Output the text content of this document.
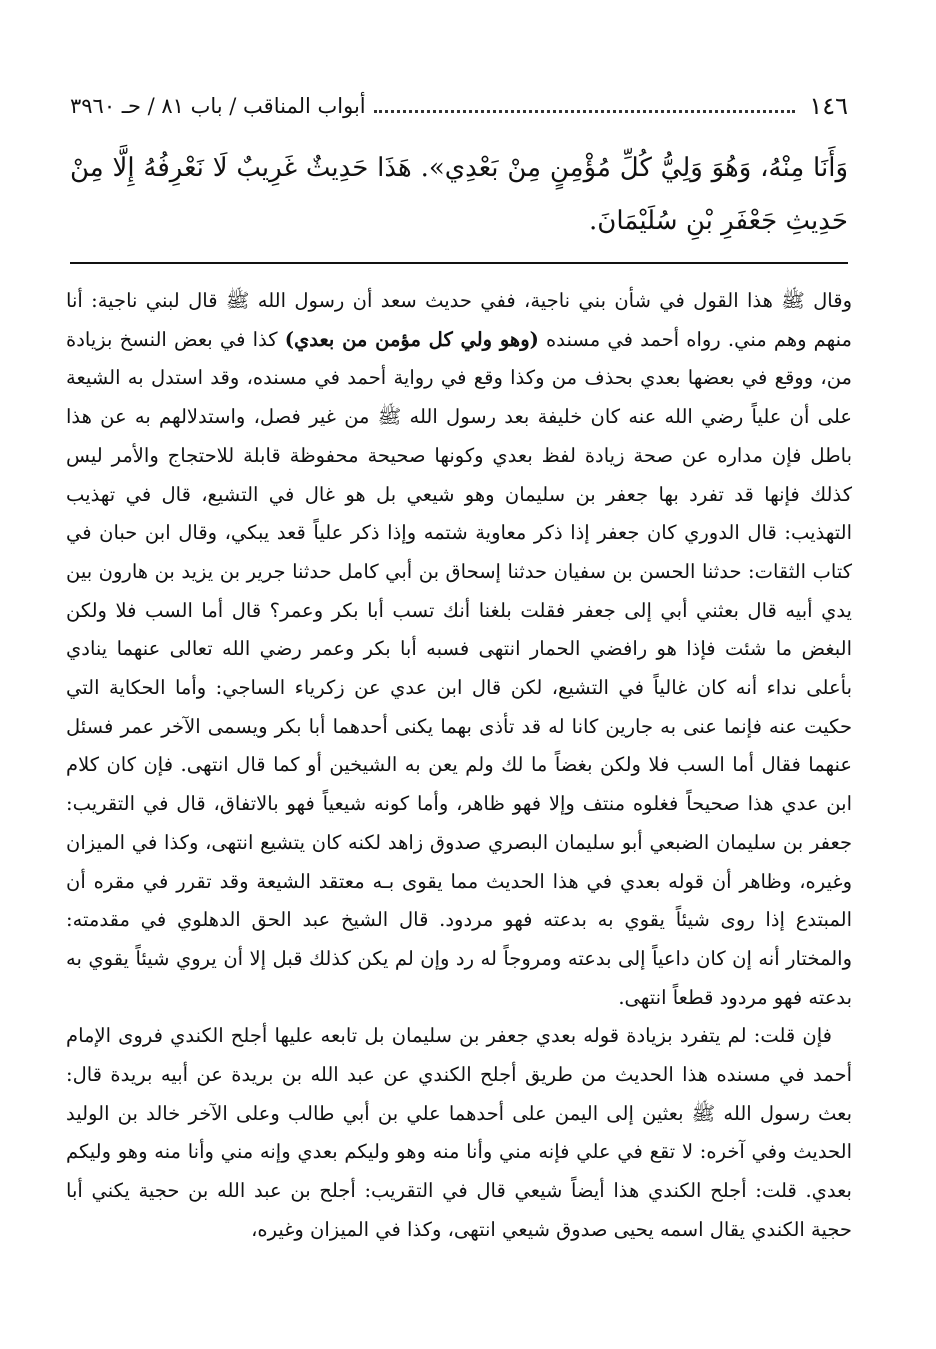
١٤٦
أبواب المناقب / باب ٨١ / حـ ٣٩٦٠
وَأَنَا مِنْهُ، وَهُوَ وَلِيُّ كُلِّ مُؤْمِنٍ مِنْ بَعْدِي». هَذَا حَدِيثٌ غَرِيبٌ لَا نَعْرِفُهُ إِلَّا مِنْ حَدِيثِ جَعْفَرِ بْنِ سُلَيْمَانَ.

وقال ﷺ هذا القول في شأن بني ناجية، ففي حديث سعد أن رسول الله ﷺ قال لبني ناجية: أنا منهم وهم مني. رواه أحمد في مسنده (وهو ولي كل مؤمن من بعدي) كذا في بعض النسخ بزيادة من، ووقع في بعضها بعدي بحذف من وكذا وقع في رواية أحمد في مسنده، وقد استدل به الشيعة على أن علياً رضي الله عنه كان خليفة بعد رسول الله ﷺ من غير فصل، واستدلالهم به عن هذا باطل فإن مداره عن صحة زيادة لفظ بعدي وكونها صحيحة محفوظة قابلة للاحتجاج والأمر ليس كذلك فإنها قد تفرد بها جعفر بن سليمان وهو شيعي بل هو غال في التشيع، قال في تهذيب التهذيب: قال الدوري كان جعفر إذا ذكر معاوية شتمه وإذا ذكر علياً قعد يبكي، وقال ابن حبان في كتاب الثقات: حدثنا الحسن بن سفيان حدثنا إسحاق بن أبي كامل حدثنا جرير بن يزيد بن هارون بين يدي أبيه قال بعثني أبي إلى جعفر فقلت بلغنا أنك تسب أبا بكر وعمر؟ قال أما السب فلا ولكن البغض ما شئت فإذا هو رافضي الحمار انتهى فسبه أبا بكر وعمر رضي الله تعالى عنهما ينادي بأعلى نداء أنه كان غالياً في التشيع، لكن قال ابن عدي عن زكرياء الساجي: وأما الحكاية التي حكيت عنه فإنما عنى به جارين كانا له قد تأذى بهما يكنى أحدهما أبا بكر ويسمى الآخر عمر فسئل عنهما فقال أما السب فلا ولكن بغضاً ما لك ولم يعن به الشيخين أو كما قال انتهى. فإن كان كلام ابن عدي هذا صحيحاً فغلوه منتف وإلا فهو ظاهر، وأما كونه شيعياً فهو بالاتفاق، قال في التقريب: جعفر بن سليمان الضبعي أبو سليمان البصري صدوق زاهد لكنه كان يتشيع انتهى، وكذا في الميزان وغيره، وظاهر أن قوله بعدي في هذا الحديث مما يقوى بـه معتقد الشيعة وقد تقرر في مقره أن المبتدع إذا روى شيئاً يقوي به بدعته فهو مردود. قال الشيخ عبد الحق الدهلوي في مقدمته: والمختار أنه إن كان داعياً إلى بدعته ومروجاً له رد وإن لم يكن كذلك قبل إلا أن يروي شيئاً يقوي به بدعته فهو مردود قطعاً انتهى.

فإن قلت: لم يتفرد بزيادة قوله بعدي جعفر بن سليمان بل تابعه عليها أجلح الكندي فروى الإمام أحمد في مسنده هذا الحديث من طريق أجلح الكندي عن عبد الله بن بريدة عن أبيه بريدة قال: بعث رسول الله ﷺ بعثين إلى اليمن على أحدهما علي بن أبي طالب وعلى الآخر خالد بن الوليد الحديث وفي آخره: لا تقع في علي فإنه مني وأنا منه وهو وليكم بعدي وإنه مني وأنا منه وهو وليكم بعدي. قلت: أجلح الكندي هذا أيضاً شيعي قال في التقريب: أجلح بن عبد الله بن حجية يكني أبا حجية الكندي يقال اسمه يحيى صدوق شيعي انتهى، وكذا في الميزان وغيره،
